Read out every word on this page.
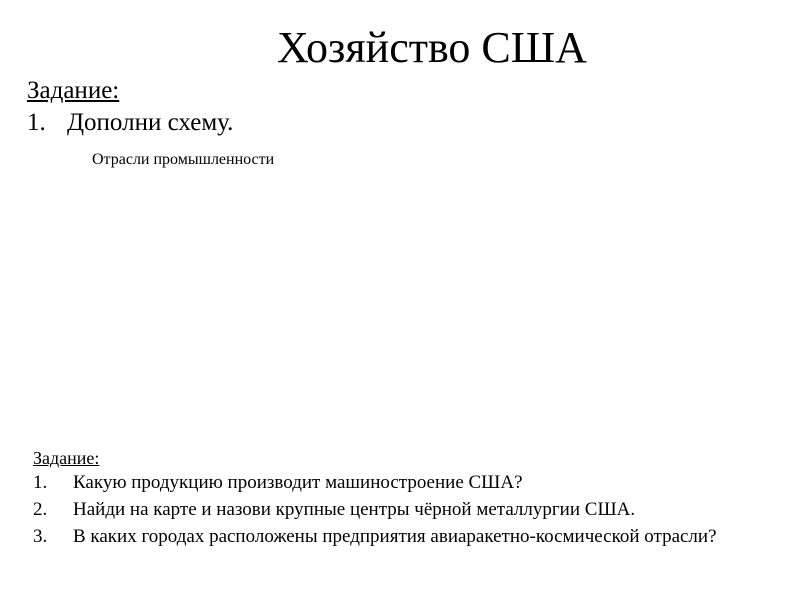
Хозяйство США
Задание:
1. Дополни схему.
Отрасли промышленности
Задание:
1.	Какую продукцию производит машиностроение США?
2.	Найди на карте и назови крупные центры чёрной металлургии США.
3.	В каких городах расположены предприятия авиаракетно-космической отрасли?
